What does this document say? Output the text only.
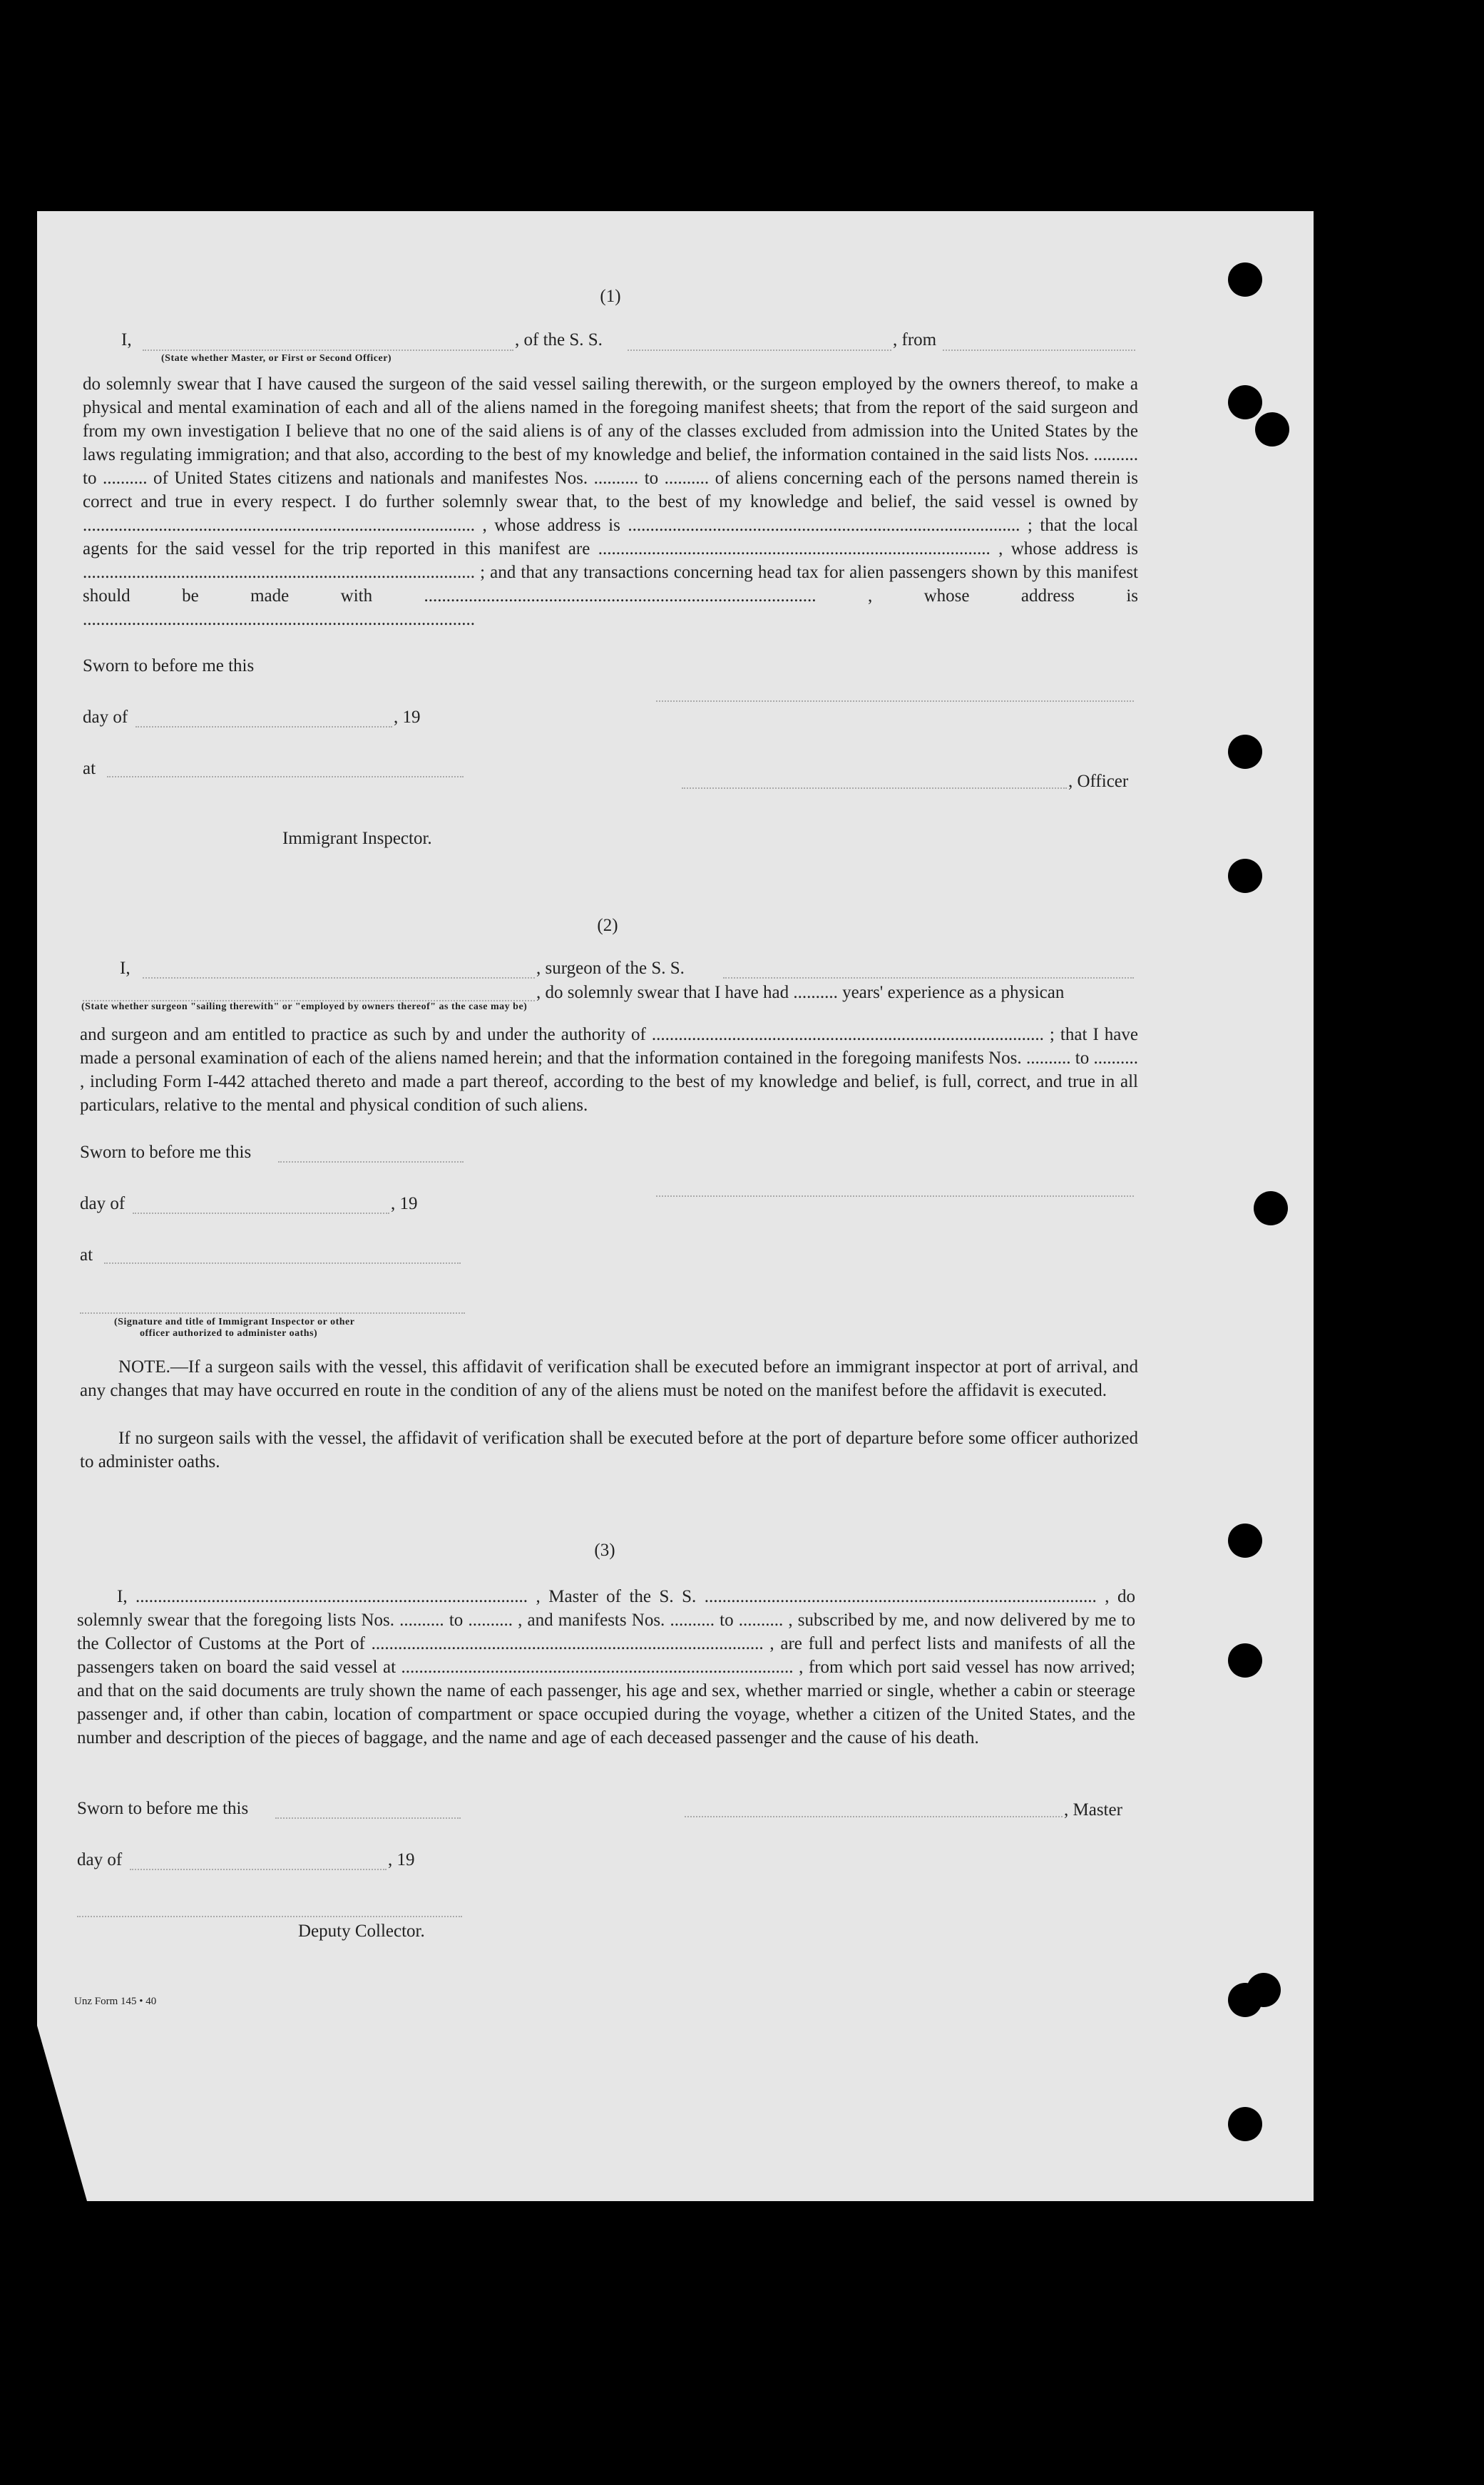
(1)
I,	, of the S. S.	, from
(State whether Master, or First or Second Officer)

do solemnly swear that I have caused the surgeon of the said vessel sailing therewith, or the surgeon employed by the owners thereof, to make a physical and mental examination of each and all of the aliens named in the foregoing manifest sheets; that from the report of the said surgeon and from my own investigation I believe that no one of the said aliens is of any of the classes excluded from admission into the United States by the laws regulating immigration; and that also, according to the best of my knowledge and belief, the information contained in the said lists Nos. .......... to .......... of United States citizens and nationals and manifestes Nos. .......... to .......... of aliens concerning each of the persons named therein is correct and true in every respect. I do further solemnly swear that, to the best of my knowledge and belief, the said vessel is owned by ........................................................................................ , whose address is ........................................................................................ ; that the local agents for the said vessel for the trip reported in this manifest are ........................................................................................ , whose address is ........................................................................................ ; and that any transactions concerning head tax for alien passengers shown by this manifest should be made with ........................................................................................ , whose address is ........................................................................................

Sworn to before me this
day of	, 19
at
, Officer
Immigrant Inspector.
(2)
I,	, surgeon of the S. S.
, do solemnly swear that I have had .......... years' experience as a physican
(State whether surgeon "sailing therewith" or "employed by owners thereof" as the case may be)

and surgeon and am entitled to practice as such by and under the authority of ........................................................................................ ; that I have made a personal examination of each of the aliens named herein; and that the information contained in the foregoing manifests Nos. .......... to .......... , including Form I-442 attached thereto and made a part thereof, according to the best of my knowledge and belief, is full, correct, and true in all particulars, relative to the mental and physical condition of such aliens.

Sworn to before me this
day of	, 19
at
(Signature and title of Immigrant Inspector or other
officer authorized to administer oaths)

NOTE.—If a surgeon sails with the vessel, this affidavit of verification shall be executed before an immigrant inspector at port of arrival, and any changes that may have occurred en route in the condition of any of the aliens must be noted on the manifest before the affidavit is executed.

If no surgeon sails with the vessel, the affidavit of verification shall be executed before at the port of departure before some officer authorized to administer oaths.

(3)

I, ........................................................................................ , Master of the S. S. ........................................................................................ , do solemnly swear that the foregoing lists Nos. .......... to .......... , and manifests Nos. .......... to .......... , subscribed by me, and now delivered by me to the Collector of Customs at the Port of ........................................................................................ , are full and perfect lists and manifests of all the passengers taken on board the said vessel at ........................................................................................ , from which port said vessel has now arrived; and that on the said documents are truly shown the name of each passenger, his age and sex, whether married or single, whether a cabin or steerage passenger and, if other than cabin, location of compartment or space occupied during the voyage, whether a citizen of the United States, and the number and description of the pieces of baggage, and the name and age of each deceased passenger and the cause of his death.

Sworn to before me this	, Master
day of	, 19
Deputy Collector.
Unz Form 145 • 40
